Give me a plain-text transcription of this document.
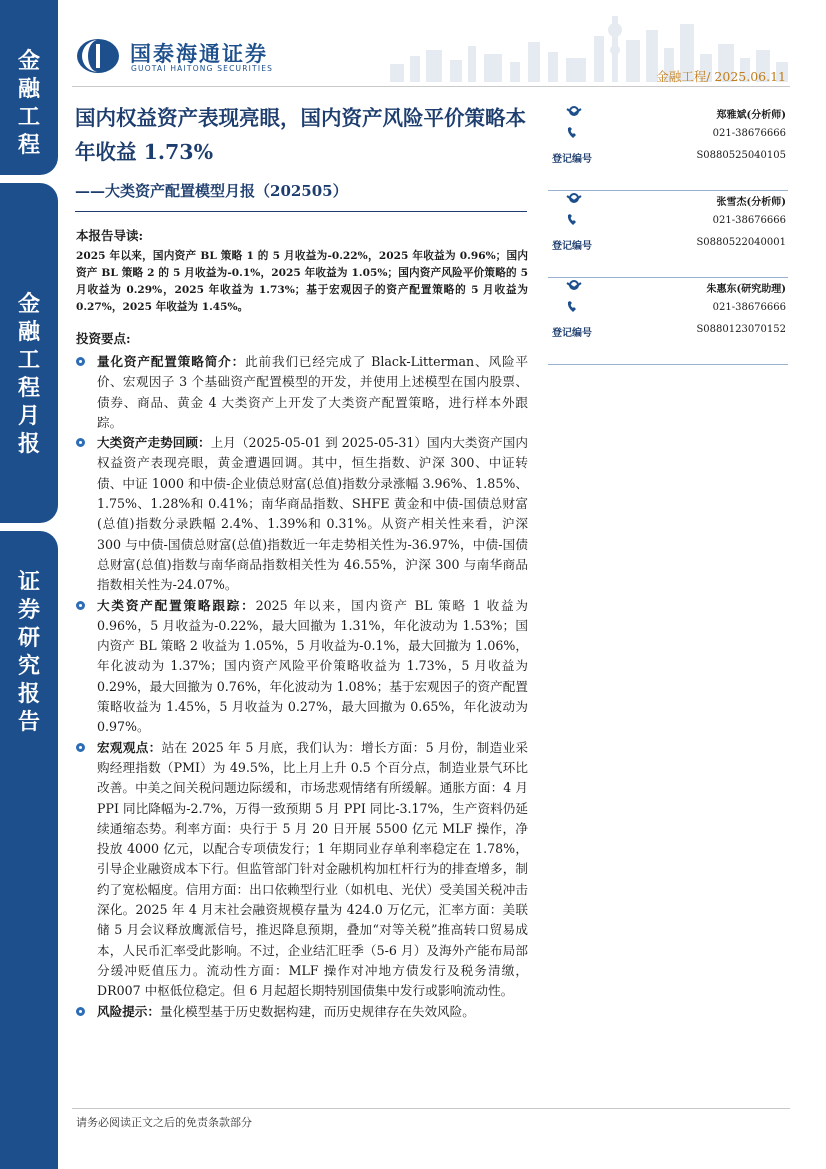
金融工程
金融工程月报
证券研究报告
国泰海通证券
GUOTAI HAITONG SECURITIES
金融工程/ 2025.06.11
国内权益资产表现亮眼，国内资产风险平价策略本年收益 1.73%
——大类资产配置模型月报（202505）
本报告导读:
2025 年以来，国内资产 BL 策略 1 的 5 月收益为-0.22%，2025 年收益为 0.96%；国内资产 BL 策略 2 的 5 月收益为-0.1%，2025 年收益为 1.05%；国内资产风险平价策略的 5 月收益为 0.29%，2025 年收益为 1.73%；基于宏观因子的资产配置策略的 5 月收益为 0.27%，2025 年收益为 1.45%。
投资要点:

量化资产配置策略简介：此前我们已经完成了 Black-Litterman、风险平价、宏观因子 3 个基础资产配置模型的开发，并使用上述模型在国内股票、债券、商品、黄金 4 大类资产上开发了大类资产配置策略，进行样本外跟踪。

大类资产走势回顾：上月（2025-05-01 到 2025-05-31）国内大类资产国内权益资产表现亮眼，黄金遭遇回调。其中，恒生指数、沪深 300、中证转债、中证 1000 和中债-企业债总财富(总值)指数分录涨幅 3.96%、1.85%、1.75%、1.28%和 0.41%；南华商品指数、SHFE 黄金和中债-国债总财富(总值)指数分录跌幅 2.4%、1.39%和 0.31%。从资产相关性来看，沪深 300 与中债-国债总财富(总值)指数近一年走势相关性为-36.97%，中债-国债总财富(总值)指数与南华商品指数相关性为 46.55%，沪深 300 与南华商品指数相关性为-24.07%。

大类资产配置策略跟踪：2025 年以来，国内资产 BL 策略 1 收益为 0.96%，5 月收益为-0.22%，最大回撤为 1.31%，年化波动为 1.53%；国内资产 BL 策略 2 收益为 1.05%，5 月收益为-0.1%，最大回撤为 1.06%，年化波动为 1.37%；国内资产风险平价策略收益为 1.73%，5 月收益为 0.29%，最大回撤为 0.76%，年化波动为 1.08%；基于宏观因子的资产配置策略收益为 1.45%，5 月收益为 0.27%，最大回撤为 0.65%，年化波动为 0.97%。

宏观观点：站在 2025 年 5 月底，我们认为：增长方面：5 月份，制造业采购经理指数（PMI）为 49.5%，比上月上升 0.5 个百分点，制造业景气环比改善。中美之间关税问题边际缓和，市场悲观情绪有所缓解。通胀方面：4 月 PPI 同比降幅为-2.7%，万得一致预期 5 月 PPI 同比-3.17%，生产资料仍延续通缩态势。利率方面：央行于 5 月 20 日开展 5500 亿元 MLF 操作，净投放 4000 亿元，以配合专项债发行；1 年期同业存单利率稳定在 1.78%，引导企业融资成本下行。但监管部门针对金融机构加杠杆行为的排查增多，制约了宽松幅度。信用方面：出口依赖型行业（如机电、光伏）受美国关税冲击深化。2025 年 4 月末社会融资规模存量为 424.0 万亿元，汇率方面：美联储 5 月会议释放鹰派信号，推迟降息预期，叠加“对等关税”推高转口贸易成本，人民币汇率受此影响。不过，企业结汇旺季（5-6 月）及海外产能布局部分缓冲贬值压力。流动性方面：MLF 操作对冲地方债发行及税务清缴，DR007 中枢低位稳定。但 6 月起超长期特别国债集中发行或影响流动性。

风险提示：量化模型基于历史数据构建，而历史规律存在失效风险。

郑雅斌(分析师)
021-38676666
登记编号	S0880525040105
张雪杰(分析师)
021-38676666
登记编号	S0880522040001
朱惠东(研究助理)
021-38676666
登记编号	S0880123070152
请务必阅读正文之后的免责条款部分
